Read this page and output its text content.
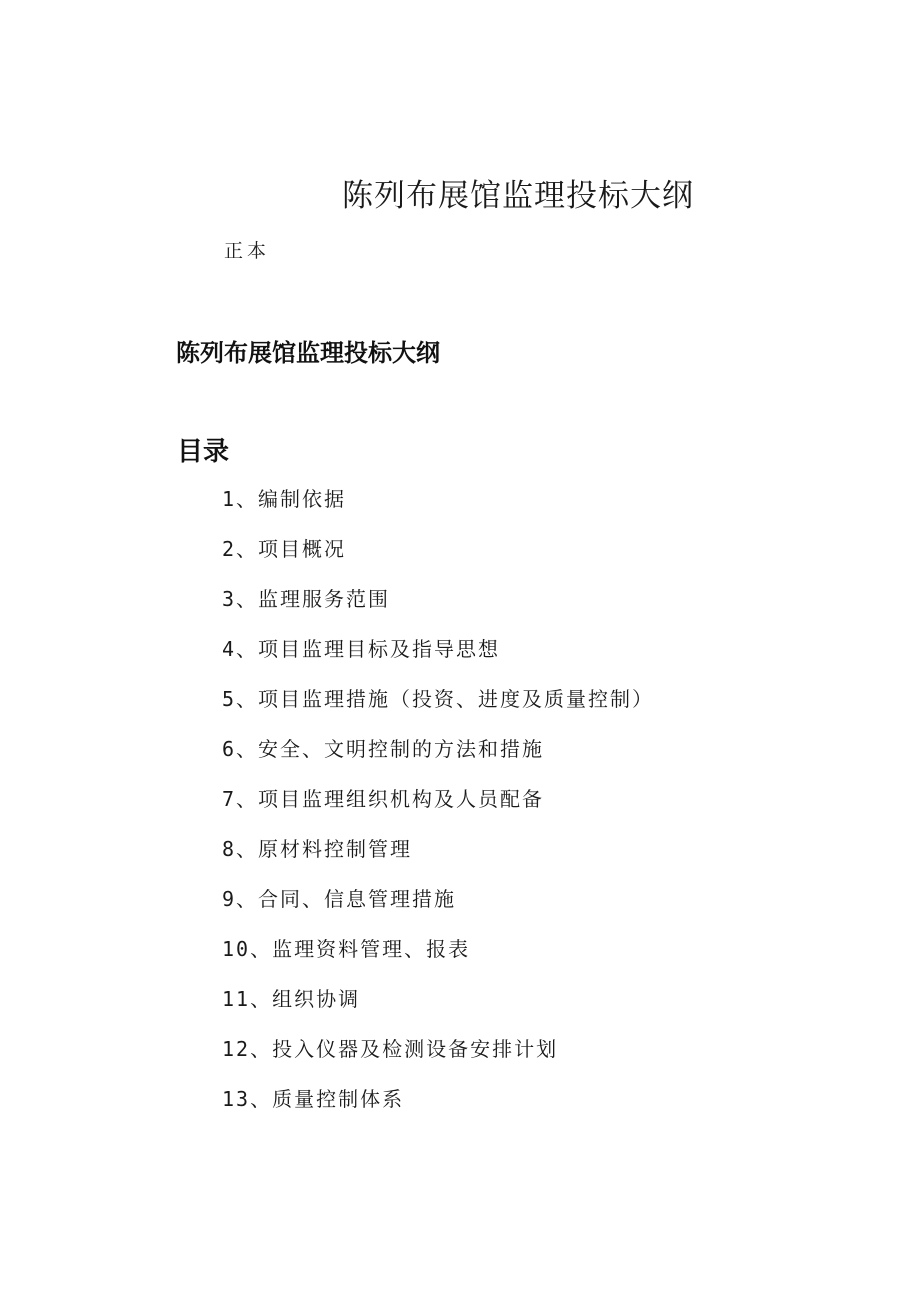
陈列布展馆监理投标大纲
正本
陈列布展馆监理投标大纲
目录
1、编制依据
2、项目概况
3、监理服务范围
4、项目监理目标及指导思想
5、项目监理措施（投资、进度及质量控制）
6、安全、文明控制的方法和措施
7、项目监理组织机构及人员配备
8、原材料控制管理
9、合同、信息管理措施
10、监理资料管理、报表
11、组织协调
12、投入仪器及检测设备安排计划
13、质量控制体系
